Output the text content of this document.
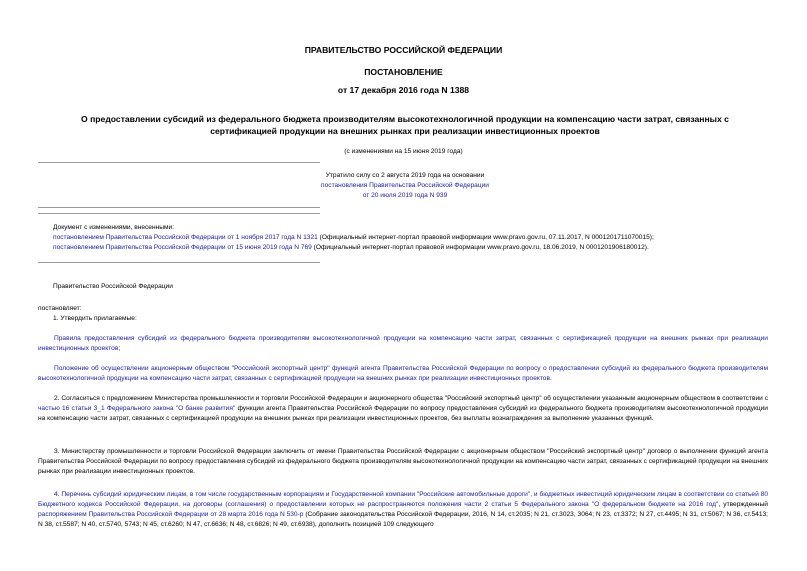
ПРАВИТЕЛЬСТВО РОССИЙСКОЙ ФЕДЕРАЦИИ
ПОСТАНОВЛЕНИЕ
от 17 декабря 2016 года N 1388
О предоставлении субсидий из федерального бюджета производителям высокотехнологичной продукции на компенсацию части затрат, связанных с сертификацией продукции на внешних рынках при реализации инвестиционных проектов
(с изменениями на 15 июня 2019 года)
Утратило силу со 2 августа 2019 года на основании
постановления Правительства Российской Федерации
от 20 июля 2019 года N 939
Документ с изменениями, внесенными:
постановлением Правительства Российской Федерации от 1 ноября 2017 года N 1321 (Официальный интернет-портал правовой информации www.pravo.gov.ru, 07.11.2017, N 0001201711070015);
постановлением Правительства Российской Федерации от 15 июня 2019 года N 769 (Официальный интернет-портал правовой информации www.pravo.gov.ru, 18.06.2019, N 0001201906180012).
Правительство Российской Федерации
постановляет:
1. Утвердить прилагаемые:
Правила предоставления субсидий из федерального бюджета производителям высокотехнологичной продукции на компенсацию части затрат, связанных с сертификацией продукции на внешних рынках при реализации инвестиционных проектов;
Положение об осуществлении акционерным обществом "Российский экспортный центр" функций агента Правительства Российской Федерации по вопросу о предоставлении субсидий из федерального бюджета производителям высокотехнологичной продукции на компенсацию части затрат, связанных с сертификацией продукции на внешних рынках при реализации инвестиционных проектов.
2. Согласиться с предложением Министерства промышленности и торговли Российской Федерации и акционерного общества "Российский экспортный центр" об осуществлении указанным акционерным обществом в соответствии с частью 16 статьи 3_1 Федерального закона "О банке развития" функции агента Правительства Российской Федерации по вопросу предоставления субсидий из федерального бюджета производителям высокотехнологичной продукции на компенсацию части затрат, связанных с сертификацией продукции на внешних рынках при реализации инвестиционных проектов, без выплаты вознаграждения за выполнение указанных функций.
3. Министерству промышленности и торговли Российской Федерации заключить от имени Правительства Российской Федерации с акционерным обществом "Российский экспортный центр" договор о выполнении функций агента Правительства Российской Федерации по вопросу предоставления субсидий из федерального бюджета производителям высокотехнологичной продукции на компенсацию части затрат, связанных с сертификацией продукции на внешних рынках при реализации инвестиционных проектов.
4. Перечень субсидий юридическим лицам, в том числе государственным корпорациям и Государственной компании "Российские автомобильные дороги", и бюджетных инвестиций юридическим лицам в соответствии со статьей 80 Бюджетного кодекса Российской Федерации, на договоры (соглашения) о предоставлении которых не распространяются положения части 2 статьи 5 Федерального закона "О федеральном бюджете на 2016 год", утвержденный распоряжением Правительства Российской Федерации от 28 марта 2016 года N 530-р (Собрание законодательства Российской Федерации, 2016, N 14, ст.2035; N 21, ст.3023, 3064; N 23, ст.3372; N 27, ст.4495; N 31, ст.5067; N 36, ст.5413; N 38, ст.5587; N 40, ст.5740, 5743; N 45, ст.6260; N 47, ст.6636; N 48, ст.6826; N 49, ст.6938), дополнить позицией 109 следующего
